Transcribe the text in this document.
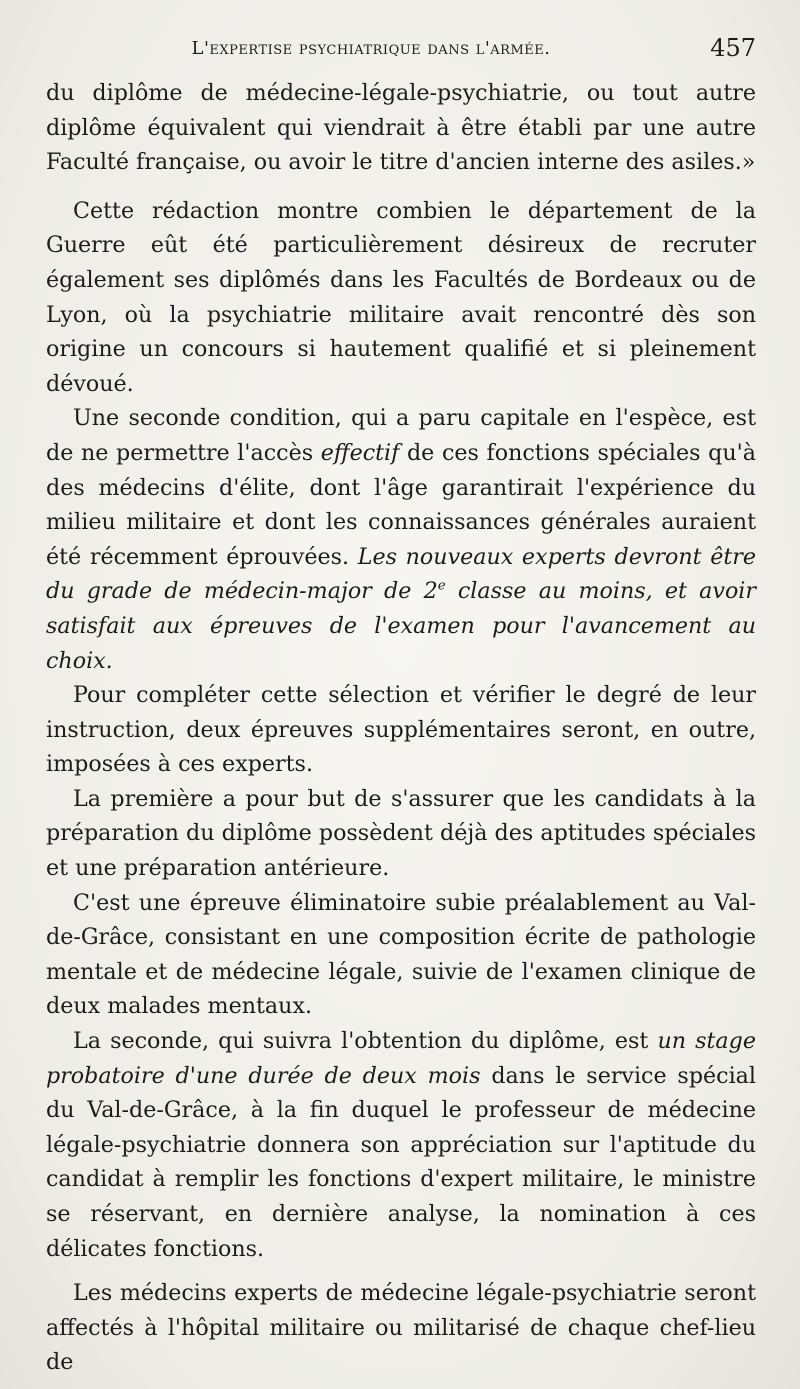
L'expertise psychiatrique dans l'armée.	457

du diplôme de médecine-légale-psychiatrie, ou tout autre diplôme équivalent qui viendrait à être établi par une autre Faculté française, ou avoir le titre d'ancien interne des asiles.»

Cette rédaction montre combien le département de la Guerre eût été particulièrement désireux de recruter également ses diplômés dans les Facultés de Bordeaux ou de Lyon, où la psychiatrie militaire avait rencontré dès son origine un concours si hautement qualifié et si pleinement dévoué.

Une seconde condition, qui a paru capitale en l'espèce, est de ne permettre l'accès effectif de ces fonctions spéciales qu'à des médecins d'élite, dont l'âge garantirait l'expérience du milieu militaire et dont les connaissances générales auraient été récemment éprouvées. Les nouveaux experts devront être du grade de médecin-major de 2e classe au moins, et avoir satisfait aux épreuves de l'examen pour l'avancement au choix.

Pour compléter cette sélection et vérifier le degré de leur instruction, deux épreuves supplémentaires seront, en outre, imposées à ces experts.

La première a pour but de s'assurer que les candidats à la préparation du diplôme possèdent déjà des aptitudes spéciales et une préparation antérieure.

C'est une épreuve éliminatoire subie préalablement au Val-de-Grâce, consistant en une composition écrite de pathologie mentale et de médecine légale, suivie de l'examen clinique de deux malades mentaux.

La seconde, qui suivra l'obtention du diplôme, est un stage probatoire d'une durée de deux mois dans le service spécial du Val-de-Grâce, à la fin duquel le professeur de médecine légale-psychiatrie donnera son appréciation sur l'aptitude du candidat à remplir les fonctions d'expert militaire, le ministre se réservant, en dernière analyse, la nomination à ces délicates fonctions.

Les médecins experts de médecine légale-psychiatrie seront affectés à l'hôpital militaire ou militarisé de chaque chef-lieu de
